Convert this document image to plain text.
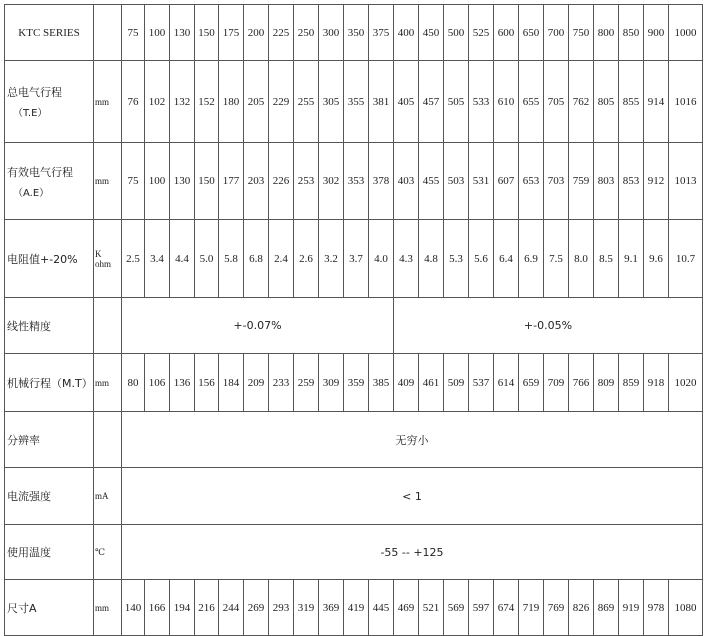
KTC SERIES		75	100	130	150	175	200	225	250	300	350	375	400	450	500	525	600	650	700	750	800	850	900	1000
总电气行程
（T.E）	mm	76	102	132	152	180	205	229	255	305	355	381	405	457	505	533	610	655	705	762	805	855	914	1016
有效电气行程
（A.E）	mm	75	100	130	150	177	203	226	253	302	353	378	403	455	503	531	607	653	703	759	803	853	912	1013
电阻值+-20%	K
ohm	2.5	3.4	4.4	5.0	5.8	6.8	2.4	2.6	3.2	3.7	4.0	4.3	4.8	5.3	5.6	6.4	6.9	7.5	8.0	8.5	9.1	9.6	10.7
线性精度		+-0.07%											+-0.05%											
机械行程（M.T）	mm	80	106	136	156	184	209	233	259	309	359	385	409	461	509	537	614	659	709	766	809	859	918	1020
分辨率		无穷小																						
电流强度	mA	< 1																						
使用温度	℃	-55 -- +125																						
尺寸A	mm	140	166	194	216	244	269	293	319	369	419	445	469	521	569	597	674	719	769	826	869	919	978	1080
